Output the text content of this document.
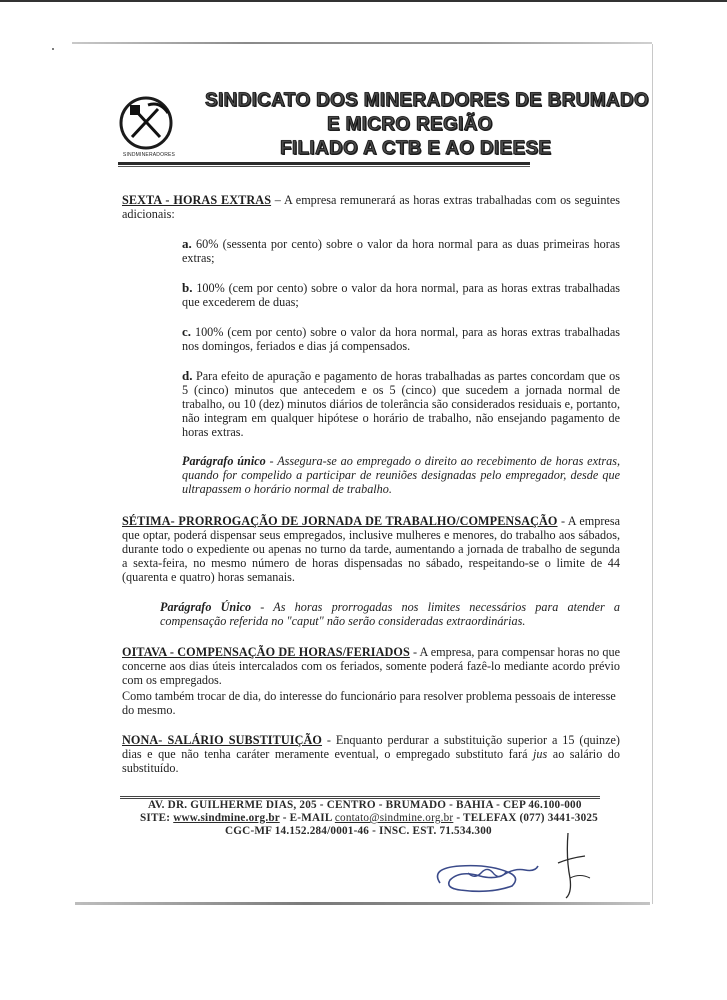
SINDMINERADORES
SINDICATO DOS MINERADORES DE BRUMADO
E MICRO REGIÃO
FILIADO A CTB E AO DIEESE
SEXTA - HORAS EXTRAS – A empresa remunerará as horas extras trabalhadas com os seguintes adicionais:
a. 60% (sessenta por cento) sobre o valor da hora normal para as duas primeiras horas extras;
b. 100% (cem por cento) sobre o valor da hora normal, para as horas extras trabalhadas que excederem de duas;
c. 100% (cem por cento) sobre o valor da hora normal, para as horas extras trabalhadas nos domingos, feriados e dias já compensados.
d. Para efeito de apuração e pagamento de horas trabalhadas as partes concordam que os 5 (cinco) minutos que antecedem e os 5 (cinco) que sucedem a jornada normal de trabalho, ou 10 (dez) minutos diários de tolerância são considerados residuais e, portanto, não integram em qualquer hipótese o horário de trabalho, não ensejando pagamento de horas extras.
Parágrafo único - Assegura-se ao empregado o direito ao recebimento de horas extras, quando for compelido a participar de reuniões designadas pelo empregador, desde que ultrapassem o horário normal de trabalho.
SÉTIMA- PRORROGAÇÃO DE JORNADA DE TRABALHO/COMPENSAÇÃO - A empresa que optar, poderá dispensar seus empregados, inclusive mulheres e menores, do trabalho aos sábados, durante todo o expediente ou apenas no turno da tarde, aumentando a jornada de trabalho de segunda a sexta-feira, no mesmo número de horas dispensadas no sábado, respeitando-se o limite de 44 (quarenta e quatro) horas semanais.
Parágrafo Único - As horas prorrogadas nos limites necessários para atender a compensação referida no "caput" não serão consideradas extraordinárias.
OITAVA - COMPENSAÇÃO DE HORAS/FERIADOS - A empresa, para compensar horas no que concerne aos dias úteis intercalados com os feriados, somente poderá fazê-lo mediante acordo prévio com os empregados.
Como também trocar de dia, do interesse do funcionário para resolver problema pessoais de interesse do mesmo.
NONA- SALÁRIO SUBSTITUIÇÃO - Enquanto perdurar a substituição superior a 15 (quinze) dias e que não tenha caráter meramente eventual, o empregado substituto fará jus ao salário do substituído.
AV. DR. GUILHERME DIAS, 205 - CENTRO - BRUMADO - BAHIA - CEP 46.100-000
SITE: www.sindmine.org.br - E-MAIL contato@sindmine.org.br - TELEFAX (077) 3441-3025
CGC-MF 14.152.284/0001-46 - INSC. EST. 71.534.300
